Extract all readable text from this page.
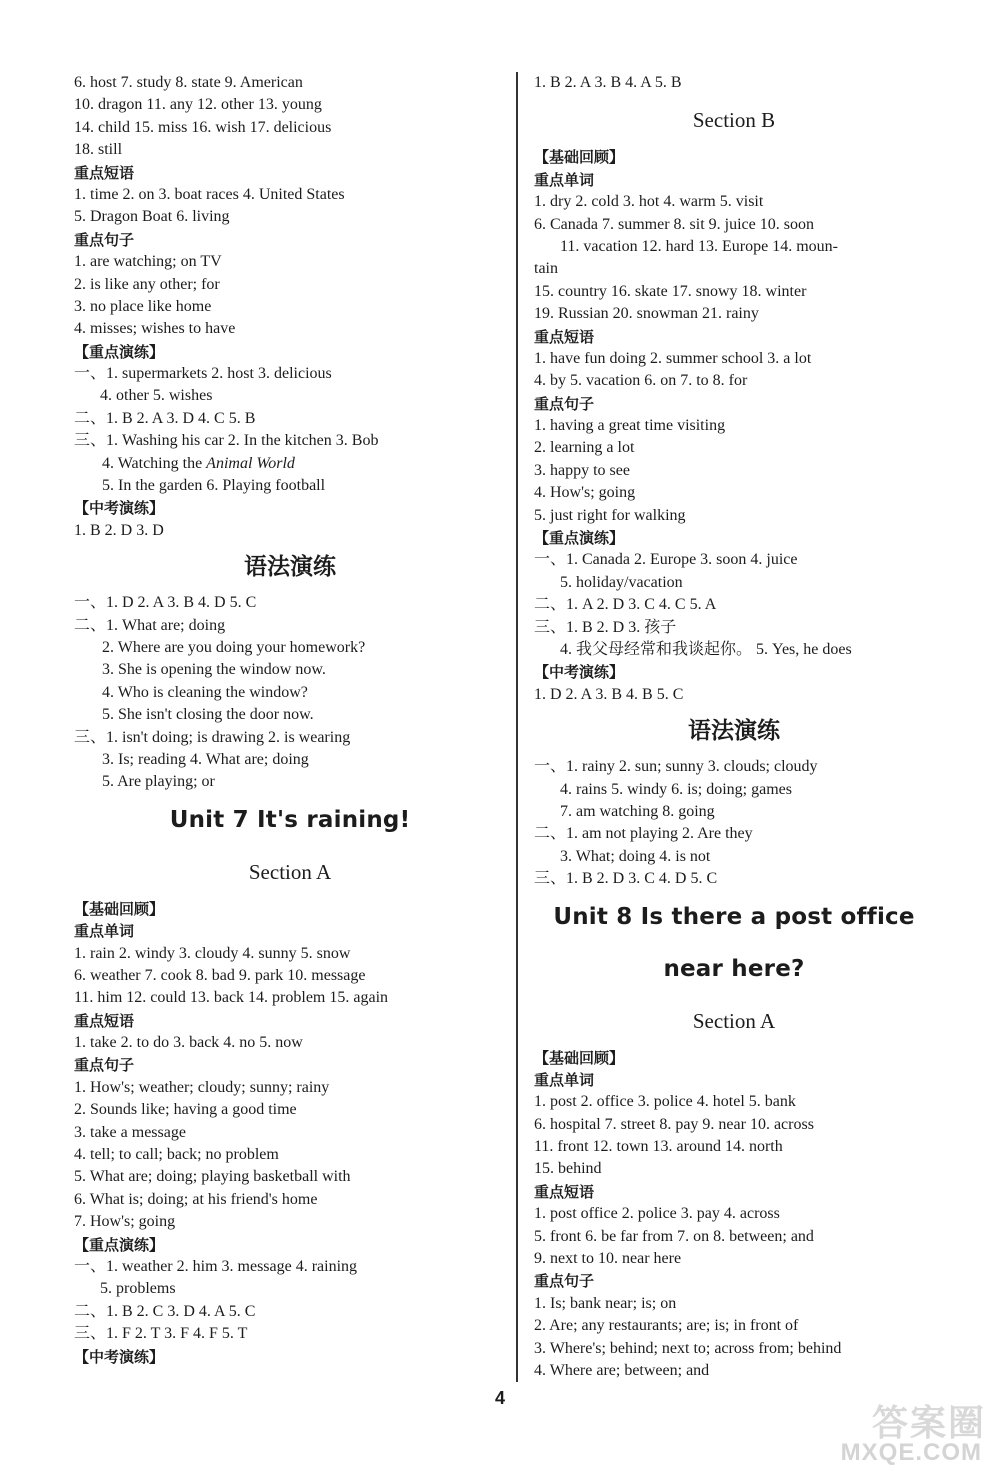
6. host 7. study 8. state 9. American
10. dragon 11. any 12. other 13. young
14. child 15. miss 16. wish 17. delicious
18. still
重点短语
1. time 2. on 3. boat races 4. United States
5. Dragon Boat 6. living
重点句子
1. are watching; on TV
2. is like any other; for
3. no place like home
4. misses; wishes to have
【重点演练】
一、1. supermarkets 2. host 3. delicious
4. other 5. wishes
二、1. B 2. A 3. D 4. C 5. B
三、1. Washing his car 2. In the kitchen 3. Bob
4. Watching the Animal World
5. In the garden 6. Playing football
【中考演练】
1. B 2. D 3. D
语法演练
一、1. D 2. A 3. B 4. D 5. C
二、1. What are; doing
2. Where are you doing your homework?
3. She is opening the window now.
4. Who is cleaning the window?
5. She isn't closing the door now.
三、1. isn't doing; is drawing 2. is wearing
3. Is; reading 4. What are; doing
5. Are playing; or
Unit 7 It's raining!
Section A
【基础回顾】
重点单词
1. rain 2. windy 3. cloudy 4. sunny 5. snow
6. weather 7. cook 8. bad 9. park 10. message
11. him 12. could 13. back 14. problem 15. again
重点短语
1. take 2. to do 3. back 4. no 5. now
重点句子
1. How's; weather; cloudy; sunny; rainy
2. Sounds like; having a good time
3. take a message
4. tell; to call; back; no problem
5. What are; doing; playing basketball with
6. What is; doing; at his friend's home
7. How's; going
【重点演练】
一、1. weather 2. him 3. message 4. raining
5. problems
二、1. B 2. C 3. D 4. A 5. C
三、1. F 2. T 3. F 4. F 5. T
【中考演练】
1. B 2. A 3. B 4. A 5. B
Section B
【基础回顾】
重点单词
1. dry 2. cold 3. hot 4. warm 5. visit
6. Canada 7. summer 8. sit 9. juice 10. soon
11. vacation 12. hard 13. Europe 14. moun-
tain
15. country 16. skate 17. snowy 18. winter
19. Russian 20. snowman 21. rainy
重点短语
1. have fun doing 2. summer school 3. a lot
4. by 5. vacation 6. on 7. to 8. for
重点句子
1. having a great time visiting
2. learning a lot
3. happy to see
4. How's; going
5. just right for walking
【重点演练】
一、1. Canada 2. Europe 3. soon 4. juice
5. holiday/vacation
二、1. A 2. D 3. C 4. C 5. A
三、1. B 2. D 3. 孩子
4. 我父母经常和我谈起你。 5. Yes, he does
【中考演练】
1. D 2. A 3. B 4. B 5. C
语法演练
一、1. rainy 2. sun; sunny 3. clouds; cloudy
4. rains 5. windy 6. is; doing; games
7. am watching 8. going
二、1. am not playing 2. Are they
3. What; doing 4. is not
三、1. B 2. D 3. C 4. D 5. C
Unit 8 Is there a post office
near here?
Section A
【基础回顾】
重点单词
1. post 2. office 3. police 4. hotel 5. bank
6. hospital 7. street 8. pay 9. near 10. across
11. front 12. town 13. around 14. north
15. behind
重点短语
1. post office 2. police 3. pay 4. across
5. front 6. be far from 7. on 8. between; and
9. next to 10. near here
重点句子
1. Is; bank near; is; on
2. Are; any restaurants; are; is; in front of
3. Where's; behind; next to; across from; behind
4. Where are; between; and
4
答案圈
MXQE.COM
